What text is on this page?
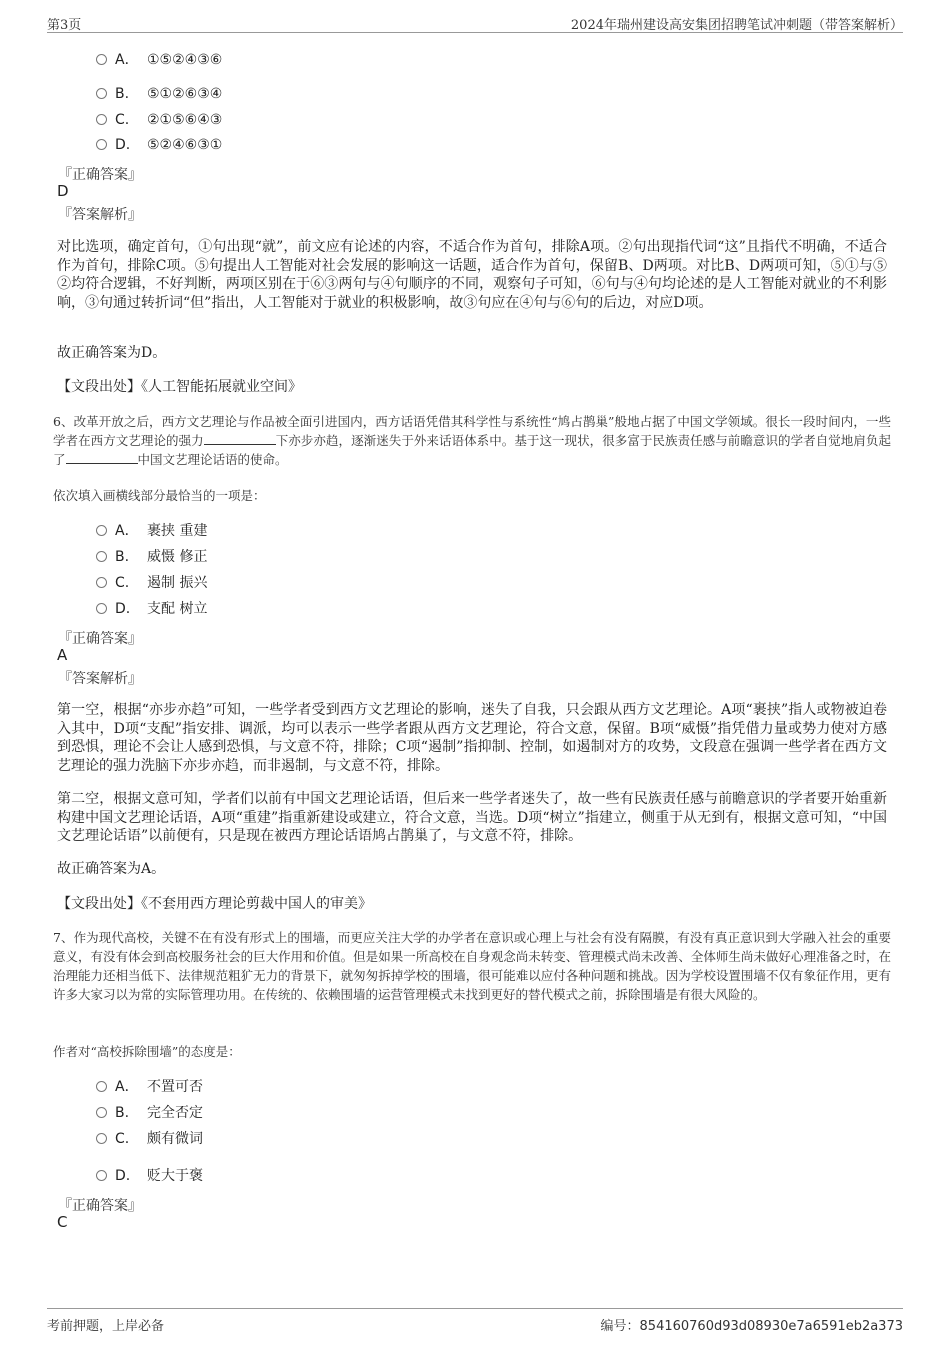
第3页	2024年瑞州建设高安集团招聘笔试冲刺题（带答案解析）
A． ①⑤②④③⑥
B. ⑤①②⑥③④
C. ②①⑤⑥④③
D. ⑤②④⑥③①
『正确答案』
D
『答案解析』
对比选项，确定首句，①句出现“就”，前文应有论述的内容，不适合作为首句，排除A项。②句出现指代词“这”且指代不明确，不适合作为首句，排除C项。⑤句提出人工智能对社会发展的影响这一话题，适合作为首句，保留B、D两项。对比B、D两项可知，⑤①与⑤②均符合逻辑，不好判断，两项区别在于⑥③两句与④句顺序的不同，观察句子可知，⑥句与④句均论述的是人工智能对就业的不利影响，③句通过转折词“但”指出，人工智能对于就业的积极影响，故③句应在④句与⑥句的后边，对应D项。
故正确答案为D。
【文段出处】《人工智能拓展就业空间》
6、改革开放之后，西方文艺理论与作品被全面引进国内，西方话语凭借其科学性与系统性“鸠占鹊巢”般地占据了中国文学领域。很长一段时间内，一些学者在西方文艺理论的强力	下亦步亦趋，逐渐迷失于外来话语体系中。基于这一现状，很多富于民族责任感与前瞻意识的学者自觉地肩负起了	中国文艺理论话语的使命。
依次填入画横线部分最恰当的一项是：
A． 裹挟 重建
B. 威慑 修正
C. 遏制 振兴
D. 支配 树立
『正确答案』
A
『答案解析』
第一空，根据“亦步亦趋”可知，一些学者受到西方文艺理论的影响，迷失了自我，只会跟从西方文艺理论。A项“裹挟”指人或物被迫卷入其中，D项“支配”指安排、调派，均可以表示一些学者跟从西方文艺理论，符合文意，保留。B项“威慑”指凭借力量或势力使对方感到恐惧，理论不会让人感到恐惧，与文意不符，排除；C项“遏制”指抑制、控制，如遏制对方的攻势，文段意在强调一些学者在西方文艺理论的强力洗脑下亦步亦趋，而非遏制，与文意不符，排除。
第二空，根据文意可知，学者们以前有中国文艺理论话语，但后来一些学者迷失了，故一些有民族责任感与前瞻意识的学者要开始重新构建中国文艺理论话语，A项“重建”指重新建设或建立，符合文意，当选。D项“树立”指建立，侧重于从无到有，根据文意可知，“中国文艺理论话语”以前便有，只是现在被西方理论话语鸠占鹊巢了，与文意不符，排除。
故正确答案为A。
【文段出处】《不套用西方理论剪裁中国人的审美》
7、作为现代高校，关键不在有没有形式上的围墙，而更应关注大学的办学者在意识或心理上与社会有没有隔膜，有没有真正意识到大学融入社会的重要意义，有没有体会到高校服务社会的巨大作用和价值。但是如果一所高校在自身观念尚未转变、管理模式尚未改善、全体师生尚未做好心理准备之时，在治理能力还相当低下、法律规范粗犷无力的背景下，就匆匆拆掉学校的围墙，很可能难以应付各种问题和挑战。因为学校设置围墙不仅有象征作用，更有许多大家习以为常的实际管理功用。在传统的、依赖围墙的运营管理模式未找到更好的替代模式之前，拆除围墙是有很大风险的。
作者对“高校拆除围墙”的态度是：
A． 不置可否
B. 完全否定
C. 颇有微词
D. 贬大于褒
『正确答案』
C
考前押题，上岸必备	编号：854160760d93d08930e7a6591eb2a373
